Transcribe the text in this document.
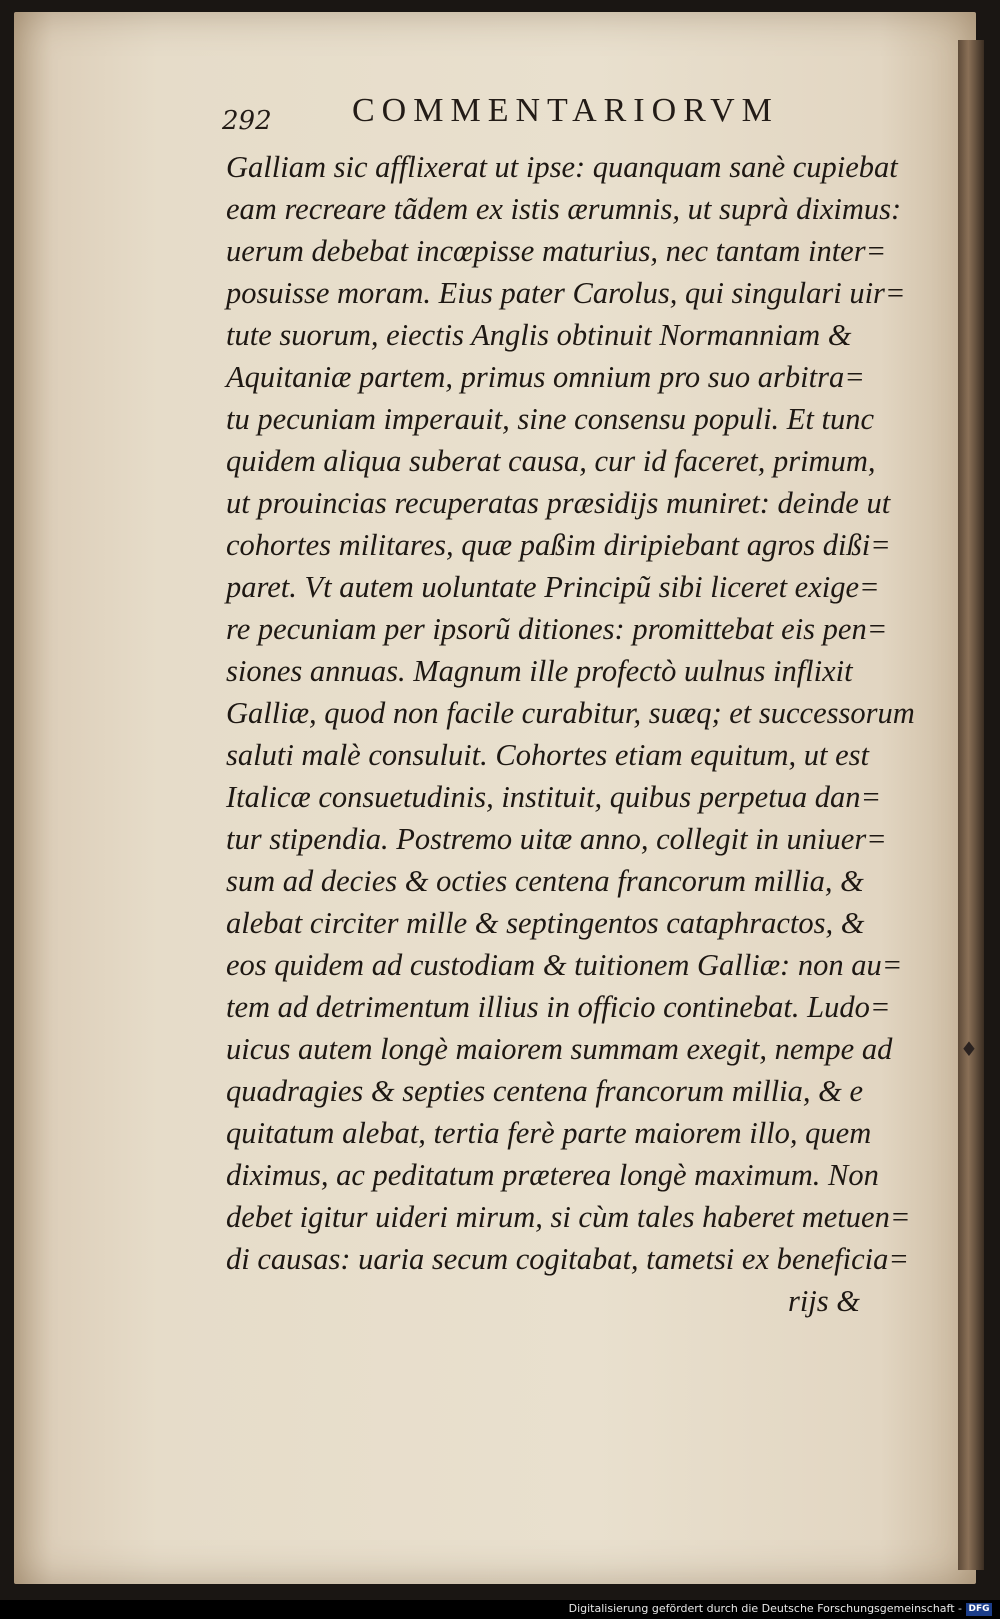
♦
292 COMMENTARIORVM
Galliam sic afflixerat ut ipse: quanquam sanè cupiebat
eam recreare tãdem ex istis ærumnis, ut suprà diximus:
uerum debebat incœpisse maturius, nec tantam inter=
posuisse moram. Eius pater Carolus, qui singulari uir=
tute suorum, eiectis Anglis obtinuit Normanniam &
Aquitaniæ partem, primus omnium pro suo arbitra=
tu pecuniam imperauit, sine consensu populi. Et tunc
quidem aliqua suberat causa, cur id faceret, primum,
ut prouincias recuperatas præsidijs muniret: deinde ut
cohortes militares, quæ paßim diripiebant agros dißi=
paret. Vt autem uoluntate Principũ sibi liceret exige=
re pecuniam per ipsorũ ditiones: promittebat eis pen=
siones annuas. Magnum ille profectò uulnus inflixit
Galliæ, quod non facile curabitur, suæq; et successorum
saluti malè consuluit. Cohortes etiam equitum, ut est
Italicæ consuetudinis, instituit, quibus perpetua dan=
tur stipendia. Postremo uitæ anno, collegit in uniuer=
sum ad decies & octies centena francorum millia, &
alebat circiter mille & septingentos cataphractos, &
eos quidem ad custodiam & tuitionem Galliæ: non au=
tem ad detrimentum illius in officio continebat. Ludo=
uicus autem longè maiorem summam exegit, nempe ad
quadragies & septies centena francorum millia, & e
quitatum alebat, tertia ferè parte maiorem illo, quem
diximus, ac peditatum præterea longè maximum. Non
debet igitur uideri mirum, si cùm tales haberet metuen=
di causas: uaria secum cogitabat, tametsi ex beneficia=
rijs &
Digitalisierung gefördert durch die Deutsche Forschungsgemeinschaft - DFG
